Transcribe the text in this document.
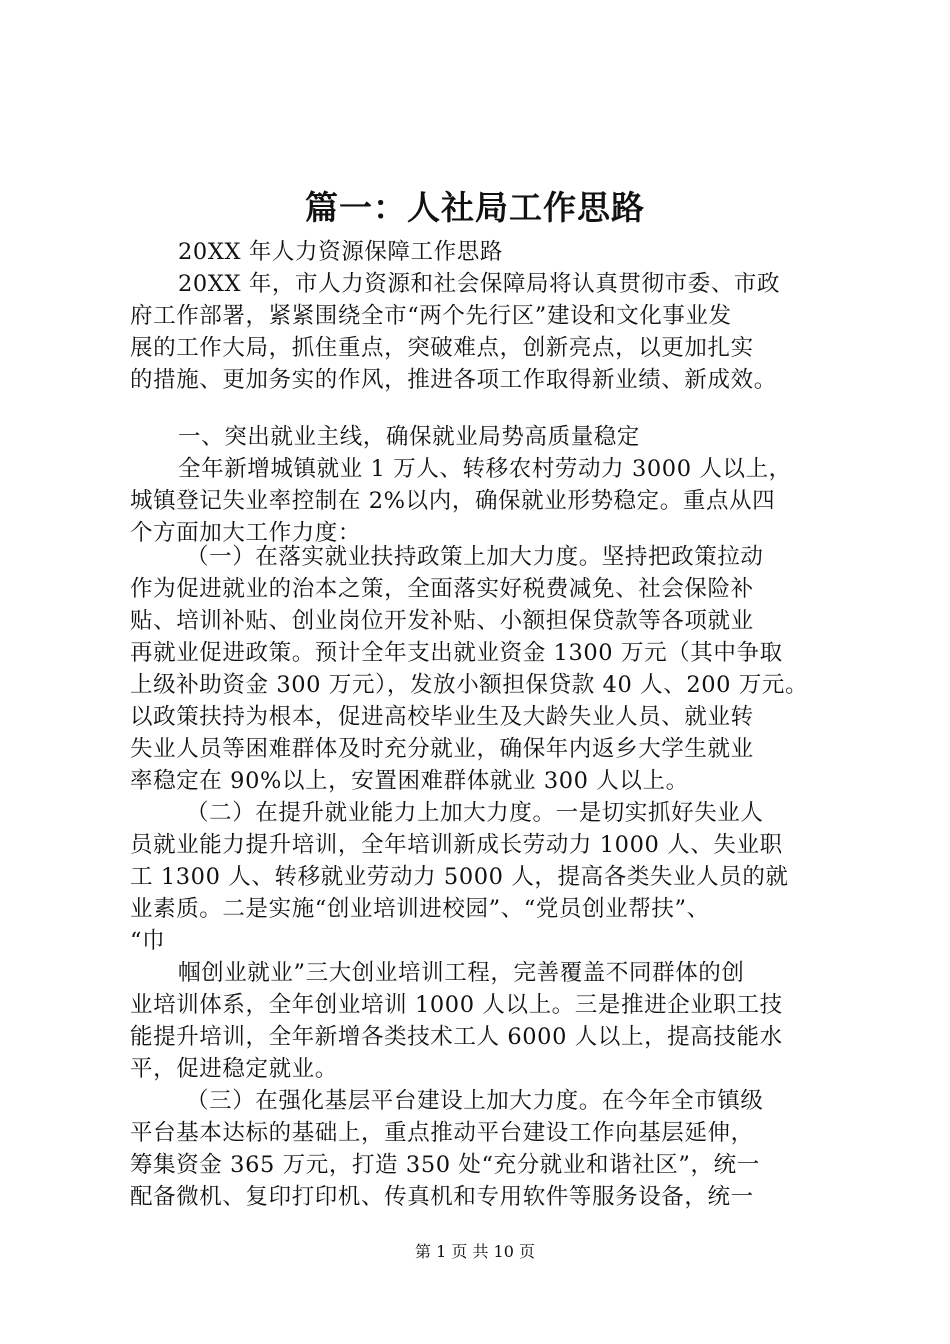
篇一：人社局工作思路
20XX 年人力资源保障工作思路
20XX 年，市人力资源和社会保障局将认真贯彻市委、市政
府工作部署，紧紧围绕全市“两个先行区”建设和文化事业发
展的工作大局，抓住重点，突破难点，创新亮点，以更加扎实
的措施、更加务实的作风，推进各项工作取得新业绩、新成效。
一、突出就业主线，确保就业局势高质量稳定
全年新增城镇就业 1 万人、转移农村劳动力 3000 人以上，
城镇登记失业率控制在 2%以内，确保就业形势稳定。重点从四
个方面加大工作力度：
（一）在落实就业扶持政策上加大力度。坚持把政策拉动
作为促进就业的治本之策，全面落实好税费减免、社会保险补
贴、培训补贴、创业岗位开发补贴、小额担保贷款等各项就业
再就业促进政策。预计全年支出就业资金 1300 万元（其中争取
上级补助资金 300 万元），发放小额担保贷款 40 人、200 万元。
以政策扶持为根本，促进高校毕业生及大龄失业人员、就业转
失业人员等困难群体及时充分就业，确保年内返乡大学生就业
率稳定在 90%以上，安置困难群体就业 300 人以上。
（二）在提升就业能力上加大力度。一是切实抓好失业人
员就业能力提升培训，全年培训新成长劳动力 1000 人、失业职
工 1300 人、转移就业劳动力 5000 人，提高各类失业人员的就
业素质。二是实施“创业培训进校园”、“党员创业帮扶”、
“巾
帼创业就业”三大创业培训工程，完善覆盖不同群体的创
业培训体系，全年创业培训 1000 人以上。三是推进企业职工技
能提升培训，全年新增各类技术工人 6000 人以上，提高技能水
平，促进稳定就业。
（三）在强化基层平台建设上加大力度。在今年全市镇级
平台基本达标的基础上，重点推动平台建设工作向基层延伸，
筹集资金 365 万元，打造 350 处“充分就业和谐社区”，统一
配备微机、复印打印机、传真机和专用软件等服务设备，统一
第 1 页 共 10 页
